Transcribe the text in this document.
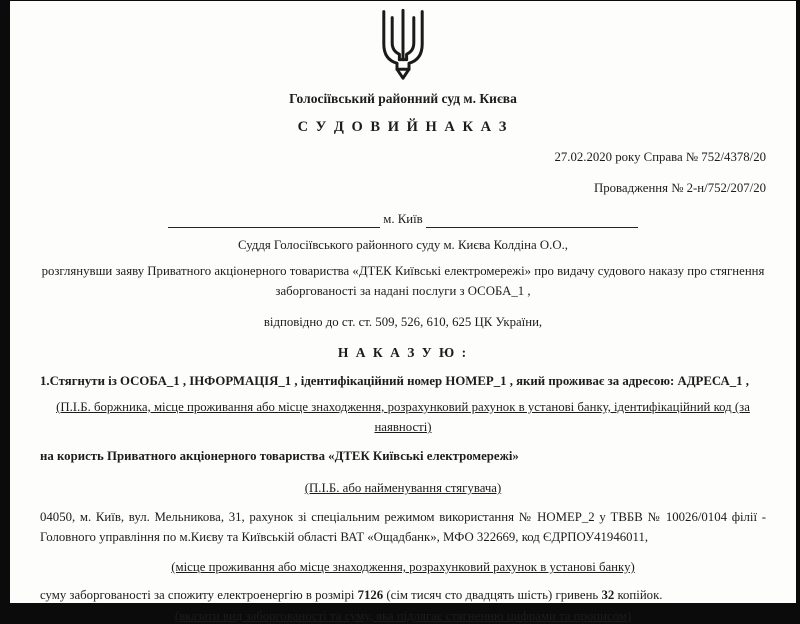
Голосіївський районний суд м. Києва

С У Д О В И Й Н А К А З

27.02.2020 року Справа № 752/4378/20

Провадження № 2-н/752/207/20

м. Київ

Суддя Голосіївського районного суду м. Києва Колдіна О.О.,

розглянувши заяву Приватного акціонерного товариства «ДТЕК Київські електромережі» про видачу судового наказу про стягнення заборгованості за надані послуги з ОСОБА_1 ,

відповідно до ст. ст. 509, 526, 610, 625 ЦК України,

Н А К А З У Ю :

1.Стягнути із ОСОБА_1 , ІНФОРМАЦІЯ_1 , ідентифікаційний номер НОМЕР_1 , який проживає за адресою: АДРЕСА_1 ,

(П.І.Б. боржника, місце проживання або місце знаходження, розрахунковий рахунок в установі банку, ідентифікаційний код (за наявності)

на користь Приватного акціонерного товариства «ДТЕК Київські електромережі»

(П.І.Б. або найменування стягувача)

04050, м. Київ, вул. Мельникова, 31, рахунок зі спеціальним режимом використання № НОМЕР_2 у ТВБВ № 10026/0104 філії - Головного управління по м.Києву та Київській області ВАТ «Ощадбанк», МФО 322669, код ЄДРПОУ41946011,

(місце проживання або місце знаходження, розрахунковий рахунок в установі банку)

суму заборгованості за спожиту електроенергію в розмірі 7126 (сім тисяч сто двадцять шість) гривень 32 копійок.

(вказати вид заборгованості та суму, яка підлягає стягненню цифрами та прописом)
